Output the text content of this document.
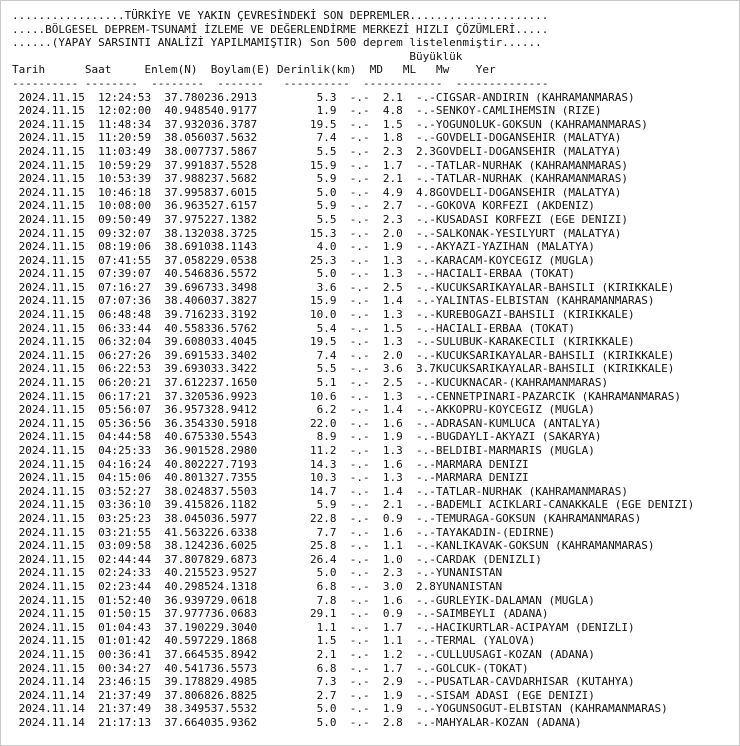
.................TÜRKİYE VE YAKIN ÇEVRESİNDEKİ SON DEPREMLER.....................
.....BÖLGESEL DEPREM-TSUNAMİ İZLEME VE DEĞERLENDİRME MERKEZİ HIZLI ÇÖZÜMLERİ.....
......(YAPAY SARSINTI ANALİZİ YAPILMAMIŞTIR) Son 500 deprem listelenmiştir......
Büyüklük
Tarih	Saat	Enlem(N) Boylam(E) Derinlik(km) MD ML Mw Yer
---------- -------- -------- ------- ---------- ------------ --------------
2024.11.15 12:24:53 37.780236.2913         5.3 -.- 2.1 -.-CIGSAR-ANDIRIN (KAHRAMANMARAS)
2024.11.15 12:02:00 40.948540.9177         1.9 -.- 4.8 -.-SENKOY-CAMLIHEMSIN (RIZE)
2024.11.15 11:48:34 37.932036.3787        19.5 -.- 1.5 -.-YOGUNOLUK-GOKSUN (KAHRAMANMARAS)
2024.11.15 11:20:59 38.056037.5632         7.4 -.- 1.8 -.-GOVDELI-DOGANSEHIR (MALATYA)
2024.11.15 11:03:49 38.007737.5867         5.5 -.- 2.3 2.3GOVDELI-DOGANSEHIR (MALATYA)
2024.11.15 10:59:29 37.991837.5528        15.9 -.- 1.7 -.-TATLAR-NURHAK (KAHRAMANMARAS)
2024.11.15 10:53:39 37.988237.5682         5.9 -.- 2.1 -.-TATLAR-NURHAK (KAHRAMANMARAS)
2024.11.15 10:46:18 37.995837.6015         5.0 -.- 4.9 4.8GOVDELI-DOGANSEHIR (MALATYA)
2024.11.15 10:08:00 36.963527.6157         5.9 -.- 2.7 -.-GOKOVA KORFEZI (AKDENIZ)
2024.11.15 09:50:49 37.975227.1382         5.5 -.- 2.3 -.-KUSADASI KORFEZI (EGE DENIZI)
2024.11.15 09:32:07 38.132038.3725        15.3 -.- 2.0 -.-SALKONAK-YESILYURT (MALATYA)
2024.11.15 08:19:06 38.691038.1143         4.0 -.- 1.9 -.-AKYAZI-YAZIHAN (MALATYA)
2024.11.15 07:41:55 37.058229.0538        25.3 -.- 1.3 -.-KARACAM-KOYCEGIZ (MUGLA)
2024.11.15 07:39:07 40.546836.5572         5.0 -.- 1.3 -.-HACIALI-ERBAA (TOKAT)
2024.11.15 07:16:27 39.696733.3498         3.6 -.- 2.5 -.-KUCUKSARIKAYALAR-BAHSILI (KIRIKKALE)
2024.11.15 07:07:36 38.406037.3827        15.9 -.- 1.4 -.-YALINTAS-ELBISTAN (KAHRAMANMARAS)
2024.11.15 06:48:48 39.716233.3192        10.0 -.- 1.3 -.-KUREBOGAZI-BAHSILI (KIRIKKALE)
2024.11.15 06:33:44 40.558336.5762         5.4 -.- 1.5 -.-HACIALI-ERBAA (TOKAT)
2024.11.15 06:32:04 39.608033.4045        19.5 -.- 1.3 -.-SULUBUK-KARAKECILI (KIRIKKALE)
2024.11.15 06:27:26 39.691533.3402         7.4 -.- 2.0 -.-KUCUKSARIKAYALAR-BAHSILI (KIRIKKALE)
2024.11.15 06:22:53 39.693033.3422         5.5 -.- 3.6 3.7KUCUKSARIKAYALAR-BAHSILI (KIRIKKALE)
2024.11.15 06:20:21 37.612237.1650         5.1 -.- 2.5 -.-KUCUKNACAR-(KAHRAMANMARAS)
2024.11.15 06:17:21 37.320536.9923        10.6 -.- 1.3 -.-CENNETPINARI-PAZARCIK (KAHRAMANMARAS)
2024.11.15 05:56:07 36.957328.9412         6.2 -.- 1.4 -.-AKKOPRU-KOYCEGIZ (MUGLA)
2024.11.15 05:36:56 36.354330.5918        22.0 -.- 1.6 -.-ADRASAN-KUMLUCA (ANTALYA)
2024.11.15 04:44:58 40.675330.5543         8.9 -.- 1.9 -.-BUGDAYLI-AKYAZI (SAKARYA)
2024.11.15 04:25:33 36.901528.2980        11.2 -.- 1.3 -.-BELDIBI-MARMARIS (MUGLA)
2024.11.15 04:16:24 40.802227.7193        14.3 -.- 1.6 -.-MARMARA DENIZI
2024.11.15 04:15:06 40.801327.7355        10.3 -.- 1.3 -.-MARMARA DENIZI
2024.11.15 03:52:27 38.024837.5503        14.7 -.- 1.4 -.-TATLAR-NURHAK (KAHRAMANMARAS)
2024.11.15 03:36:10 39.415826.1182         5.9 -.- 2.1 -.-BADEMLI ACIKLARI-CANAKKALE (EGE DENIZI)
2024.11.15 03:25:23 38.045036.5977        22.8 -.- 0.9 -.-TEMURAGA-GOKSUN (KAHRAMANMARAS)
2024.11.15 03:21:55 41.563226.6338         7.7 -.- 1.6 -.-TAYAKADIN-(EDIRNE)
2024.11.15 03:09:58 38.124236.6025        25.8 -.- 1.1 -.-KANLIKAVAK-GOKSUN (KAHRAMANMARAS)
2024.11.15 02:44:44 37.807829.6873        26.4 -.- 1.0 -.-CARDAK (DENIZLI)
2024.11.15 02:24:33 40.215523.9527         5.0 -.- 2.3 -.-YUNANISTAN
2024.11.15 02:23:44 40.298524.1318         6.8 -.- 3.0 2.8YUNANISTAN
2024.11.15 01:52:40 36.939729.0618         7.8 -.- 1.6 -.-GURLEYIK-DALAMAN (MUGLA)
2024.11.15 01:50:15 37.977736.0683        29.1 -.- 0.9 -.-SAIMBEYLI (ADANA)
2024.11.15 01:04:43 37.190229.3040         1.1 -.- 1.7 -.-HACIKURTLAR-ACIPAYAM (DENIZLI)
2024.11.15 01:01:42 40.597229.1868         1.5 -.- 1.1 -.-TERMAL (YALOVA)
2024.11.15 00:36:41 37.664535.8942         2.1 -.- 1.2 -.-CULLUUSAGI-KOZAN (ADANA)
2024.11.15 00:34:27 40.541736.5573         6.8 -.- 1.7 -.-GOLCUK-(TOKAT)
2024.11.14 23:46:15 39.178829.4985         7.3 -.- 2.9 -.-PUSATLAR-CAVDARHISAR (KUTAHYA)
2024.11.14 21:37:49 37.806826.8825         2.7 -.- 1.9 -.-SISAM ADASI (EGE DENIZI)
2024.11.14 21:37:49 38.349537.5532         5.0 -.- 1.9 -.-YOGUNSOGUT-ELBISTAN (KAHRAMANMARAS)
2024.11.14 21:17:13 37.664035.9362         5.0 -.- 2.8 -.-MAHYALAR-KOZAN (ADANA)
